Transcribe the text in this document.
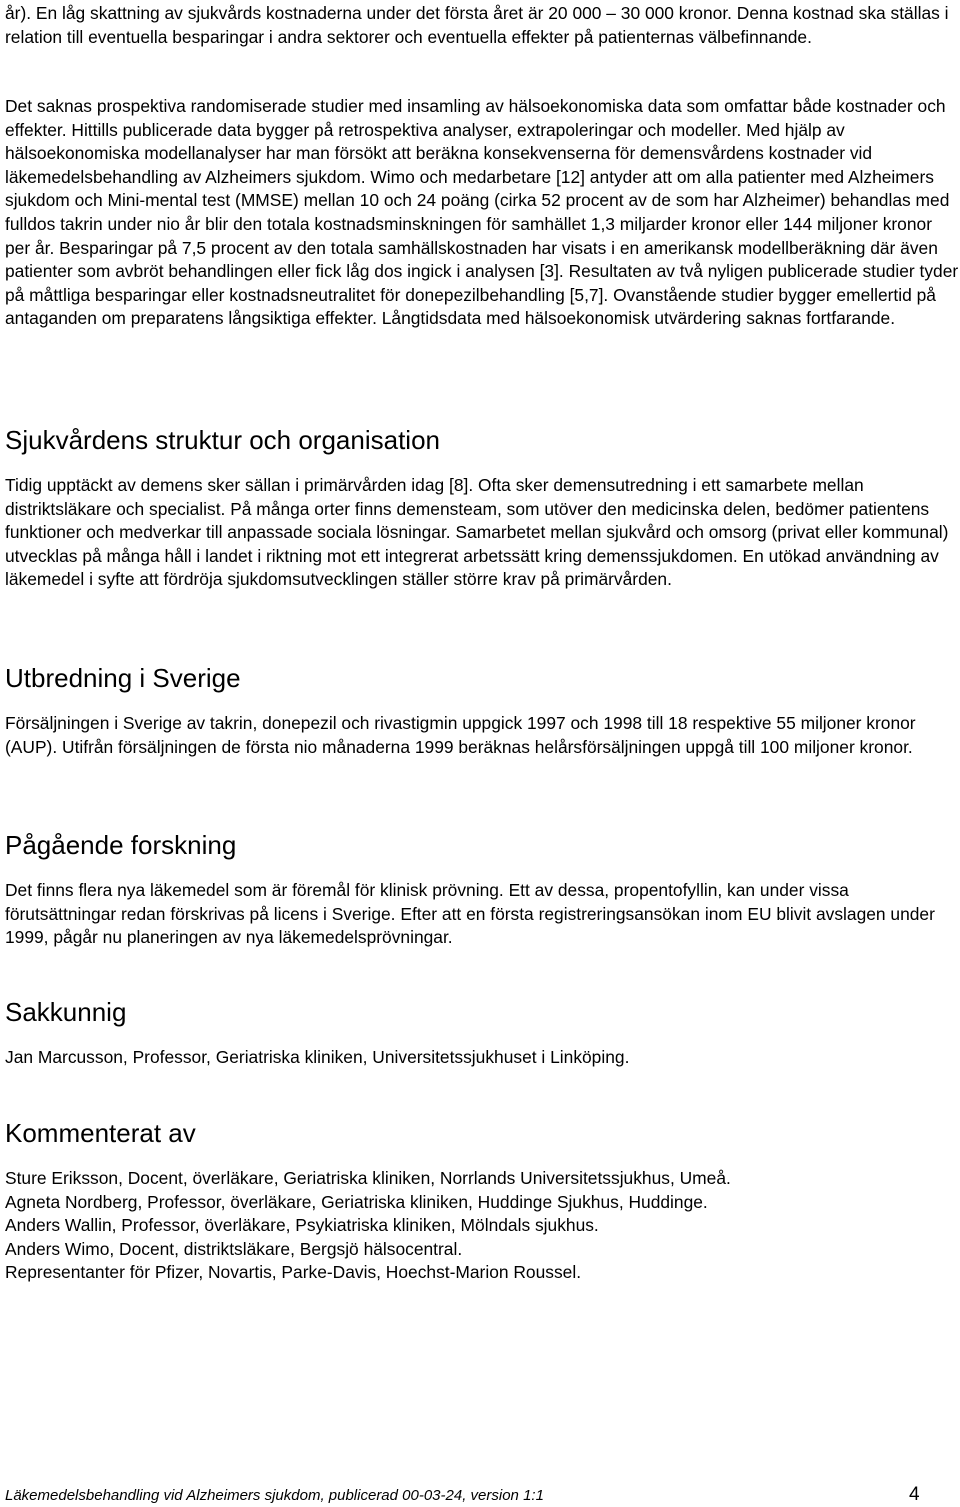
år). En låg skattning av sjukvårds kostnaderna under det första året är 20 000 – 30 000 kronor. Denna kostnad ska ställas i relation till eventuella besparingar i andra sektorer och eventuella effekter på patienternas välbefinnande.

Det saknas prospektiva randomiserade studier med insamling av hälsoekonomiska data som omfattar både kostnader och effekter. Hittills publicerade data bygger på retrospektiva analyser, extrapoleringar och modeller. Med hjälp av hälsoekonomiska modellanalyser har man försökt att beräkna konsekvenserna för demensvårdens kostnader vid läkemedelsbehandling av Alzheimers sjukdom. Wimo och medarbetare [12] antyder att om alla patienter med Alzheimers sjukdom och Mini-mental test (MMSE) mellan 10 och 24 poäng (cirka 52 procent av de som har Alzheimer) behandlas med fulldos takrin under nio år blir den totala kostnadsminskningen för samhället 1,3 miljarder kronor eller 144 miljoner kronor per år. Besparingar på 7,5 procent av den totala samhällskostnaden har visats i en amerikansk modellberäkning där även patienter som avbröt behandlingen eller fick låg dos ingick i analysen [3]. Resultaten av två nyligen publicerade studier tyder på måttliga besparingar eller kostnadsneutralitet för donepezilbehandling [5,7]. Ovanstående studier bygger emellertid på antaganden om preparatens långsiktiga effekter. Långtidsdata med hälsoekonomisk utvärdering saknas fortfarande.

Sjukvårdens struktur och organisation

Tidig upptäckt av demens sker sällan i primärvården idag [8]. Ofta sker demensutredning i ett samarbete mellan distriktsläkare och specialist. På många orter finns demensteam, som utöver den medicinska delen, bedömer patientens funktioner och medverkar till anpassade sociala lösningar. Samarbetet mellan sjukvård och omsorg (privat eller kommunal) utvecklas på många håll i landet i riktning mot ett integrerat arbetssätt kring demenssjukdomen. En utökad användning av läkemedel i syfte att fördröja sjukdomsutvecklingen ställer större krav på primärvården.

Utbredning i Sverige

Försäljningen i Sverige av takrin, donepezil och rivastigmin uppgick 1997 och 1998 till 18 respektive 55 miljoner kronor (AUP). Utifrån försäljningen de första nio månaderna 1999 beräknas helårsförsäljningen uppgå till 100 miljoner kronor.

Pågående forskning

Det finns flera nya läkemedel som är föremål för klinisk prövning. Ett av dessa, propentofyllin, kan under vissa förutsättningar redan förskrivas på licens i Sverige. Efter att en första registreringsansökan inom EU blivit avslagen under 1999, pågår nu planeringen av nya läkemedelsprövningar.

Sakkunnig

Jan Marcusson, Professor, Geriatriska kliniken, Universitetssjukhuset i Linköping.

Kommenterat av

Sture Eriksson, Docent, överläkare, Geriatriska kliniken, Norrlands Universitetssjukhus, Umeå.
Agneta Nordberg, Professor, överläkare, Geriatriska kliniken, Huddinge Sjukhus, Huddinge.
Anders Wallin, Professor, överläkare, Psykiatriska kliniken, Mölndals sjukhus.
Anders Wimo, Docent, distriktsläkare, Bergsjö hälsocentral.
Representanter för Pfizer, Novartis, Parke-Davis, Hoechst-Marion Roussel.

Läkemedelsbehandling vid Alzheimers sjukdom, publicerad 00-03-24, version 1:1	4
